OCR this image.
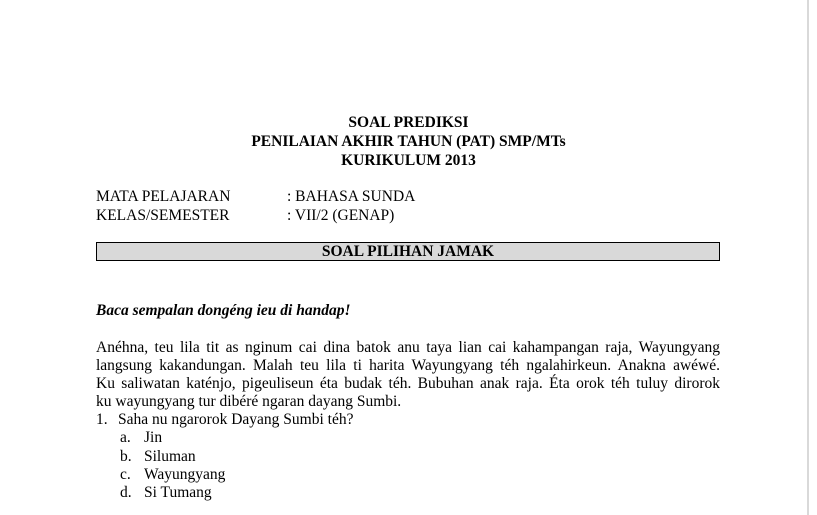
SOAL PREDIKSI

PENILAIAN AKHIR TAHUN (PAT) SMP/MTs

KURIKULUM 2013

MATA PELAJARAN	: BAHASA SUNDA
KELAS/SEMESTER	: VII/2 (GENAP)
SOAL PILIHAN JAMAK
Baca sempalan dongéng ieu di handap!
Anéhna, teu lila tit as nginum cai dina batok anu taya lian cai kahampangan raja, Wayungyang
langsung kakandungan. Malah teu lila ti harita Wayungyang téh ngalahirkeun. Anakna awéwé.
Ku saliwatan katénjo, pigeuliseun éta budak téh. Bubuhan anak raja. Éta orok téh tuluy dirorok
ku wayungyang tur dibéré ngaran dayang Sumbi.
1. Saha nu ngarorok Dayang Sumbi téh?
a. Jin
b. Siluman
c. Wayungyang
d. Si Tumang
